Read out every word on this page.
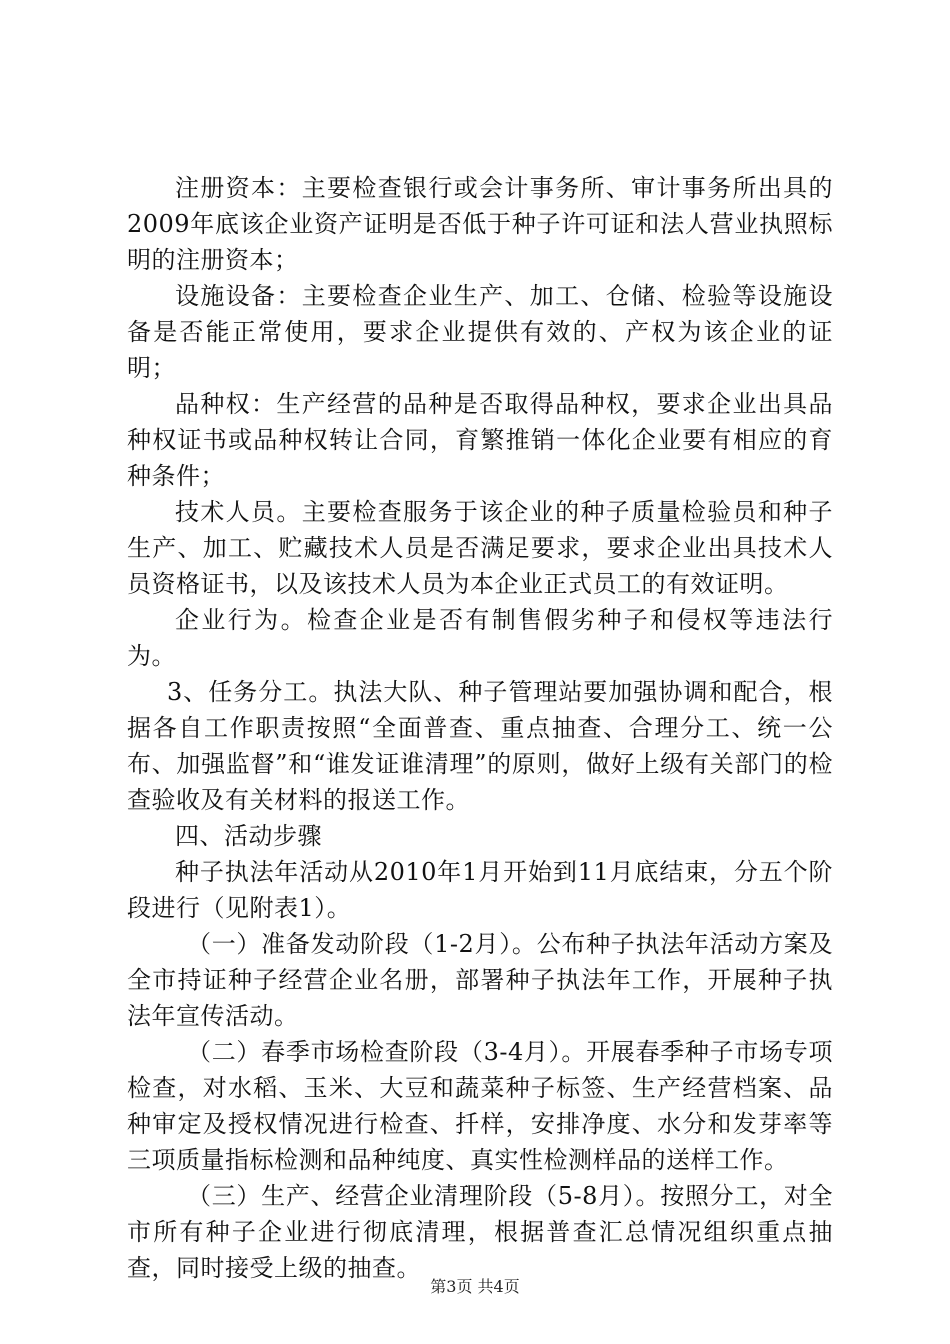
注册资本：主要检查银行或会计事务所、审计事务所出具的2009年底该企业资产证明是否低于种子许可证和法人营业执照标明的注册资本；

设施设备：主要检查企业生产、加工、仓储、检验等设施设备是否能正常使用，要求企业提供有效的、产权为该企业的证明；

品种权：生产经营的品种是否取得品种权，要求企业出具品种权证书或品种权转让合同，育繁推销一体化企业要有相应的育种条件；

技术人员。主要检查服务于该企业的种子质量检验员和种子生产、加工、贮藏技术人员是否满足要求，要求企业出具技术人员资格证书，以及该技术人员为本企业正式员工的有效证明。

企业行为。检查企业是否有制售假劣种子和侵权等违法行为。

3、任务分工。执法大队、种子管理站要加强协调和配合，根据各自工作职责按照“全面普查、重点抽查、合理分工、统一公布、加强监督”和“谁发证谁清理”的原则，做好上级有关部门的检查验收及有关材料的报送工作。

四、活动步骤

种子执法年活动从2010年1月开始到11月底结束，分五个阶段进行（见附表1）。

（一）准备发动阶段（1-2月）。公布种子执法年活动方案及全市持证种子经营企业名册，部署种子执法年工作，开展种子执法年宣传活动。

（二）春季市场检查阶段（3-4月）。开展春季种子市场专项检查，对水稻、玉米、大豆和蔬菜种子标签、生产经营档案、品种审定及授权情况进行检查、扦样，安排净度、水分和发芽率等三项质量指标检测和品种纯度、真实性检测样品的送样工作。

（三）生产、经营企业清理阶段（5-8月）。按照分工，对全市所有种子企业进行彻底清理，根据普查汇总情况组织重点抽查，同时接受上级的抽查。

第3页 共4页
